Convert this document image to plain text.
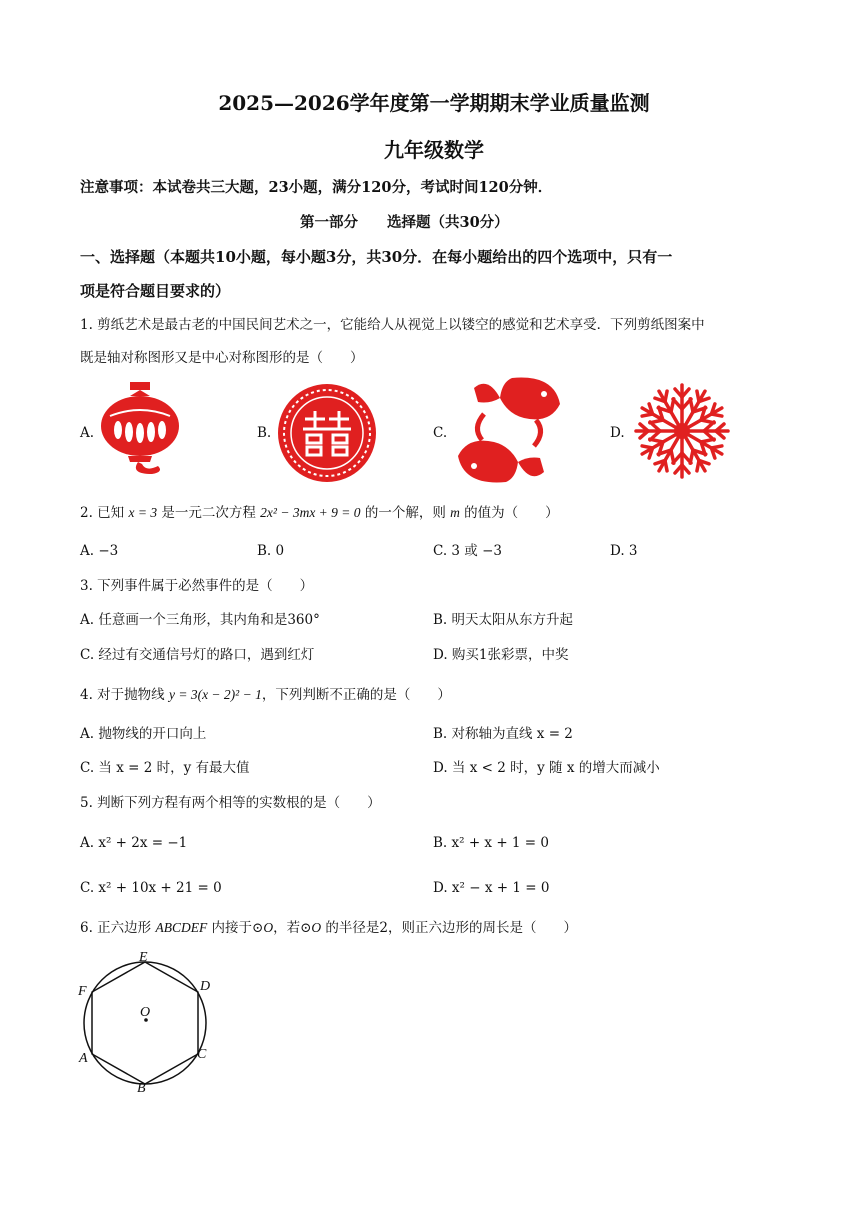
2025—2026学年度第一学期期末学业质量监测
九年级数学
注意事项：本试卷共三大题，23小题，满分120分，考试时间120分钟．
第一部分　　选择题（共30分）
一、选择题（本题共10小题，每小题3分，共30分．在每小题给出的四个选项中，只有一
项是符合题目要求的）
1. 剪纸艺术是最古老的中国民间艺术之一，它能给人从视觉上以镂空的感觉和艺术享受．下列剪纸图案中
既是轴对称图形又是中心对称图形的是（　　）
A.	B.	C.	D.
2. 已知 x = 3 是一元二次方程 2x² − 3mx + 9 = 0 的一个解，则 m 的值为（　　）
A. −3	B. 0	C. 3 或 −3	D. 3
3. 下列事件属于必然事件的是（　　）
A. 任意画一个三角形，其内角和是360°	B. 明天太阳从东方升起
C. 经过有交通信号灯的路口，遇到红灯	D. 购买1张彩票，中奖
4. 对于抛物线 y = 3(x − 2)² − 1，下列判断不正确的是（　　）
A. 抛物线的开口向上	B. 对称轴为直线 x = 2
C. 当 x = 2 时，y 有最大值	D. 当 x < 2 时，y 随 x 的增大而减小
5. 判断下列方程有两个相等的实数根的是（　　）
A. x² + 2x = −1	B. x² + x + 1 = 0
C. x² + 10x + 21 = 0	D. x² − x + 1 = 0
6. 正六边形 ABCDEF 内接于⊙O，若⊙O 的半径是2，则正六边形的周长是（　　）
E
D
F
O
A	C
B
